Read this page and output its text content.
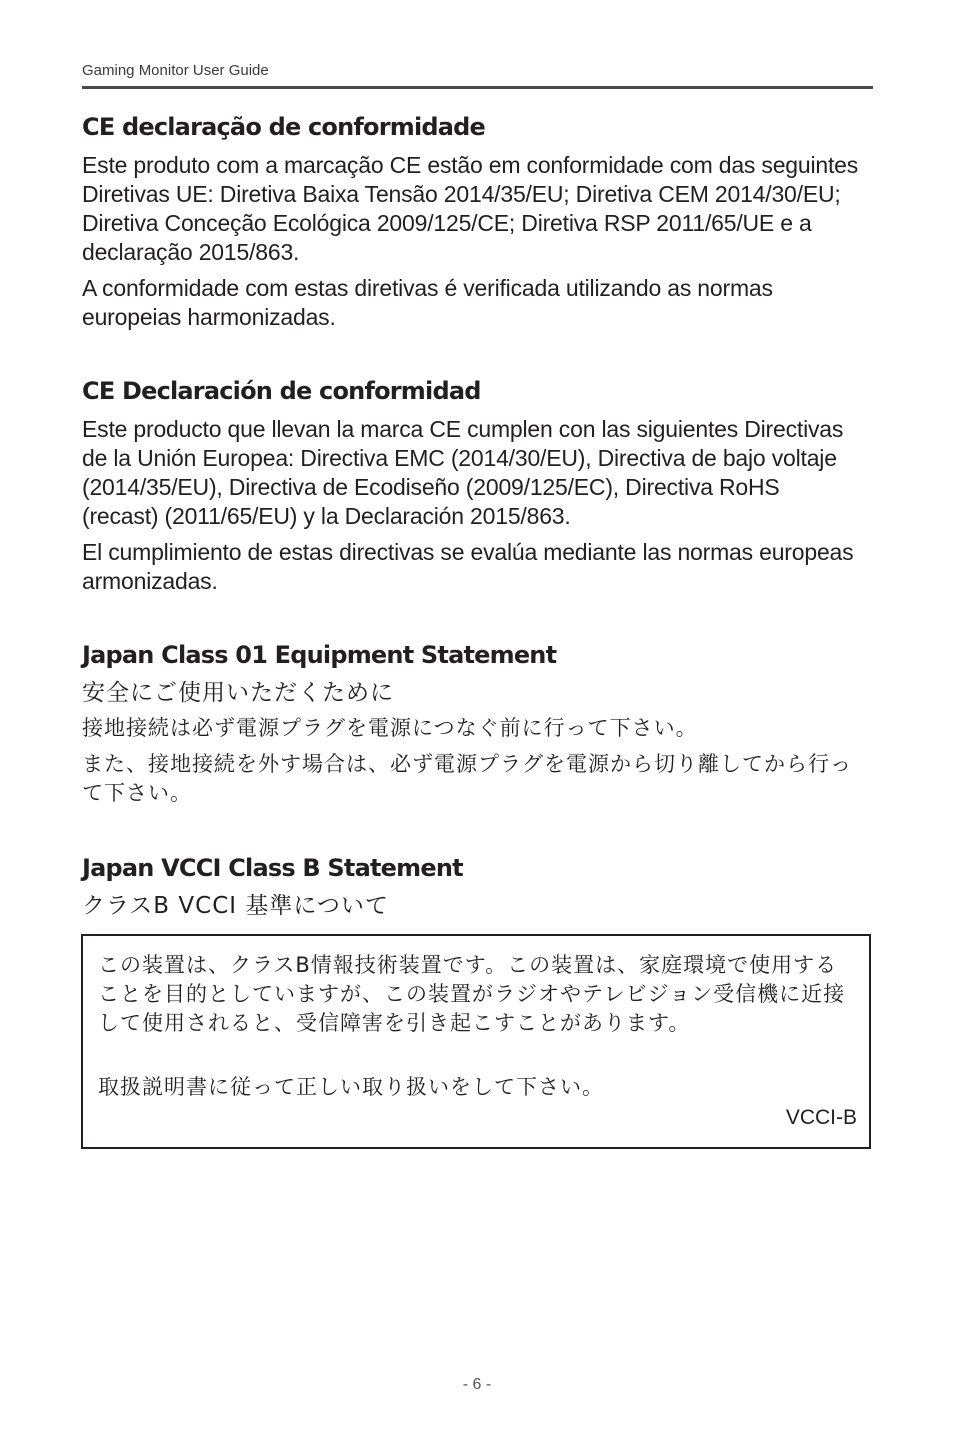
Gaming Monitor User Guide
CE declaração de conformidade

Este produto com a marcação CE estão em conformidade com das seguintes Diretivas UE: Diretiva Baixa Tensão 2014/35/EU; Diretiva CEM 2014/30/EU; Diretiva Conceção Ecológica 2009/125/CE; Diretiva RSP 2011/65/UE e a declaração 2015/863.

A conformidade com estas diretivas é verificada utilizando as normas europeias harmonizadas.

CE Declaración de conformidad

Este producto que llevan la marca CE cumplen con las siguientes Directivas de la Unión Europea: Directiva EMC (2014/30/EU), Directiva de bajo voltaje (2014/35/EU), Directiva de Ecodiseño (2009/125/EC), Directiva RoHS (recast) (2011/65/EU) y la Declaración 2015/863.

El cumplimiento de estas directivas se evalúa mediante las normas europeas armonizadas.

Japan Class 01 Equipment Statement

安全にご使用いただくために

接地接続は必ず電源プラグを電源につなぐ前に行って下さい。

また、接地接続を外す場合は、必ず電源プラグを電源から切り離してから行って下さい。

Japan VCCI Class B Statement

クラスB VCCI 基準について

この装置は、クラスB情報技術装置です。この装置は、家庭環境で使用することを目的としていますが、この装置がラジオやテレビジョン受信機に近接して使用されると、受信障害を引き起こすことがあります。

取扱説明書に従って正しい取り扱いをして下さい。

VCCI-B
- 6 -
